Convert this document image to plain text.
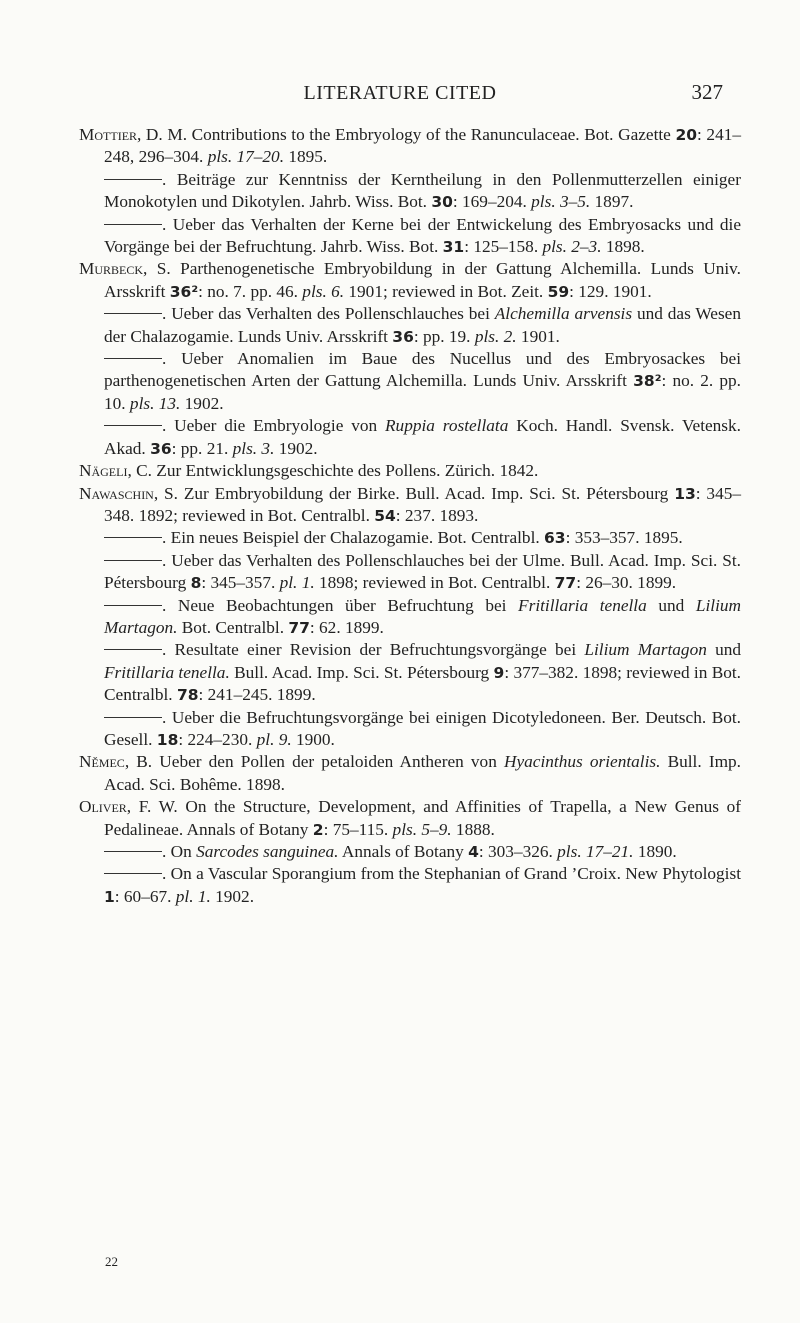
LITERATURE CITED	327

Mottier, D. M. Contributions to the Embryology of the Ranunculaceae. Bot. Gazette 20: 241–248, 296–304. pls. 17–20. 1895.

. Beiträge zur Kenntniss der Kerntheilung in den Pollenmutterzellen einiger Monokotylen und Dikotylen. Jahrb. Wiss. Bot. 30: 169–204. pls. 3–5. 1897.

. Ueber das Verhalten der Kerne bei der Entwickelung des Embryosacks und die Vorgänge bei der Befruchtung. Jahrb. Wiss. Bot. 31: 125–158. pls. 2–3. 1898.

Murbeck, S. Parthenogenetische Embryobildung in der Gattung Alchemilla. Lunds Univ. Arsskrift 36²: no. 7. pp. 46. pls. 6. 1901; reviewed in Bot. Zeit. 59: 129. 1901.

. Ueber das Verhalten des Pollenschlauches bei Alchemilla arvensis und das Wesen der Chalazogamie. Lunds Univ. Arsskrift 36: pp. 19. pls. 2. 1901.

. Ueber Anomalien im Baue des Nucellus und des Embryosackes bei parthenogenetischen Arten der Gattung Alchemilla. Lunds Univ. Arsskrift 38²: no. 2. pp. 10. pls. 13. 1902.

. Ueber die Embryologie von Ruppia rostellata Koch. Handl. Svensk. Vetensk. Akad. 36: pp. 21. pls. 3. 1902.

Nägeli, C. Zur Entwicklungsgeschichte des Pollens. Zürich. 1842.

Nawaschin, S. Zur Embryobildung der Birke. Bull. Acad. Imp. Sci. St. Pétersbourg 13: 345–348. 1892; reviewed in Bot. Centralbl. 54: 237. 1893.

. Ein neues Beispiel der Chalazogamie. Bot. Centralbl. 63: 353–357. 1895.

. Ueber das Verhalten des Pollenschlauches bei der Ulme. Bull. Acad. Imp. Sci. St. Pétersbourg 8: 345–357. pl. 1. 1898; reviewed in Bot. Centralbl. 77: 26–30. 1899.

. Neue Beobachtungen über Befruchtung bei Fritillaria tenella und Lilium Martagon. Bot. Centralbl. 77: 62. 1899.

. Resultate einer Revision der Befruchtungsvorgänge bei Lilium Martagon und Fritillaria tenella. Bull. Acad. Imp. Sci. St. Pétersbourg 9: 377–382. 1898; reviewed in Bot. Centralbl. 78: 241–245. 1899.

. Ueber die Befruchtungsvorgänge bei einigen Dicotyledoneen. Ber. Deutsch. Bot. Gesell. 18: 224–230. pl. 9. 1900.

Němec, B. Ueber den Pollen der petaloiden Antheren von Hyacinthus orientalis. Bull. Imp. Acad. Sci. Bohême. 1898.

Oliver, F. W. On the Structure, Development, and Affinities of Trapella, a New Genus of Pedalineae. Annals of Botany 2: 75–115. pls. 5–9. 1888.

. On Sarcodes sanguinea. Annals of Botany 4: 303–326. pls. 17–21. 1890.

. On a Vascular Sporangium from the Stephanian of Grand ’Croix. New Phytologist 1: 60–67. pl. 1. 1902.

22
